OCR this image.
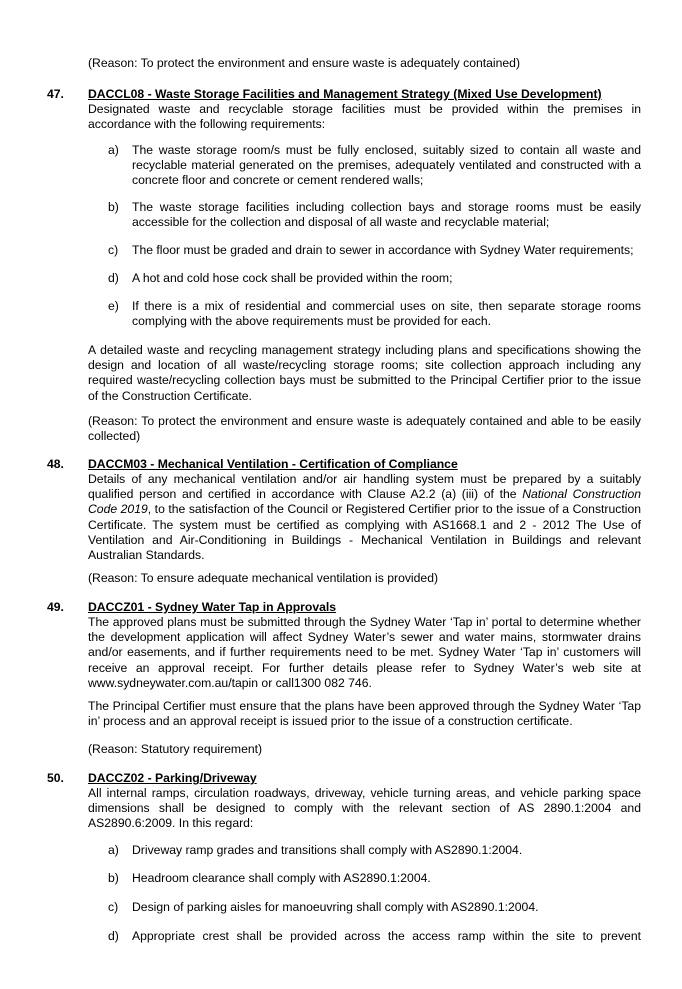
(Reason: To protect the environment and ensure waste is adequately contained)

47. DACCL08 - Waste Storage Facilities and Management Strategy (Mixed Use Development)

Designated waste and recyclable storage facilities must be provided within the premises in accordance with the following requirements:

a) The waste storage room/s must be fully enclosed, suitably sized to contain all waste and recyclable material generated on the premises, adequately ventilated and constructed with a concrete floor and concrete or cement rendered walls;

b) The waste storage facilities including collection bays and storage rooms must be easily accessible for the collection and disposal of all waste and recyclable material;

c) The floor must be graded and drain to sewer in accordance with Sydney Water requirements;

d) A hot and cold hose cock shall be provided within the room;

e) If there is a mix of residential and commercial uses on site, then separate storage rooms complying with the above requirements must be provided for each.

A detailed waste and recycling management strategy including plans and specifications showing the design and location of all waste/recycling storage rooms; site collection approach including any required waste/recycling collection bays must be submitted to the Principal Certifier prior to the issue of the Construction Certificate.

(Reason: To protect the environment and ensure waste is adequately contained and able to be easily collected)

48. DACCM03 - Mechanical Ventilation - Certification of Compliance

Details of any mechanical ventilation and/or air handling system must be prepared by a suitably qualified person and certified in accordance with Clause A2.2 (a) (iii) of the National Construction Code 2019, to the satisfaction of the Council or Registered Certifier prior to the issue of a Construction Certificate. The system must be certified as complying with AS1668.1 and 2 - 2012 The Use of Ventilation and Air-Conditioning in Buildings - Mechanical Ventilation in Buildings and relevant Australian Standards.

(Reason: To ensure adequate mechanical ventilation is provided)

49. DACCZ01 - Sydney Water Tap in Approvals

The approved plans must be submitted through the Sydney Water ‘Tap in’ portal to determine whether the development application will affect Sydney Water’s sewer and water mains, stormwater drains and/or easements, and if further requirements need to be met. Sydney Water ‘Tap in’ customers will receive an approval receipt. For further details please refer to Sydney Water’s web site at www.sydneywater.com.au/tapin or call1300 082 746.

The Principal Certifier must ensure that the plans have been approved through the Sydney Water ‘Tap in’ process and an approval receipt is issued prior to the issue of a construction certificate.

(Reason: Statutory requirement)

50. DACCZ02 - Parking/Driveway

All internal ramps, circulation roadways, driveway, vehicle turning areas, and vehicle parking space dimensions shall be designed to comply with the relevant section of AS 2890.1:2004 and AS2890.6:2009. In this regard:

a) Driveway ramp grades and transitions shall comply with AS2890.1:2004.

b) Headroom clearance shall comply with AS2890.1:2004.

c) Design of parking aisles for manoeuvring shall comply with AS2890.1:2004.

d) Appropriate crest shall be provided across the access ramp within the site to prevent
